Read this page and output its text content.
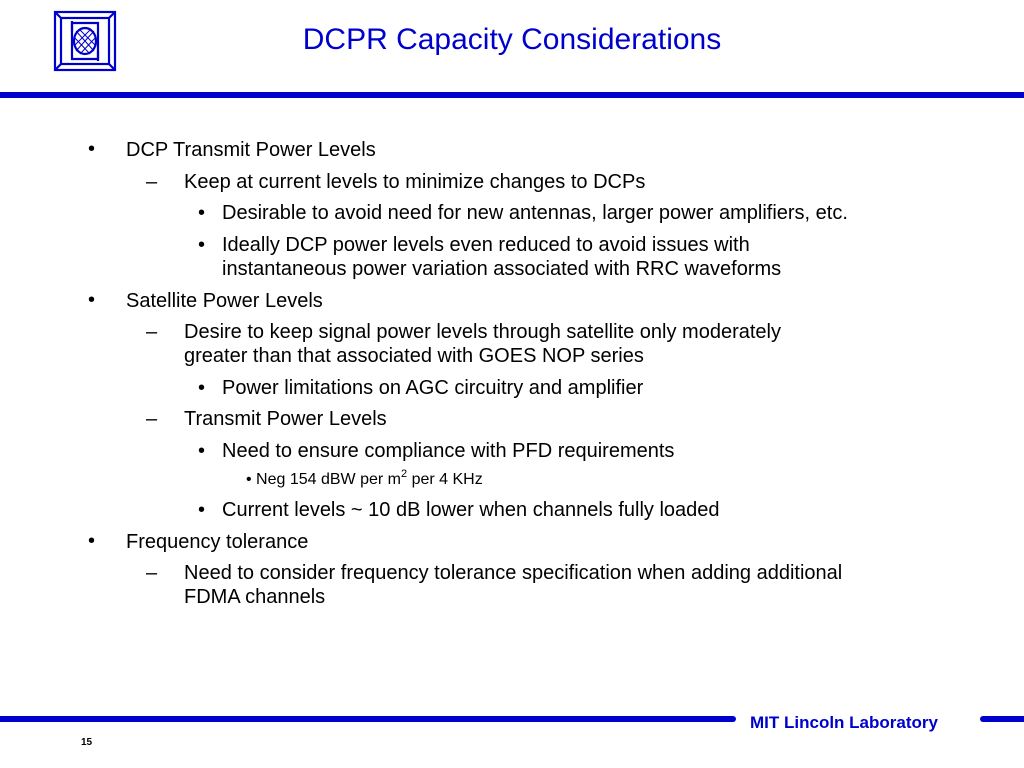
DCPR Capacity Considerations
• DCP Transmit Power Levels
– Keep at current levels to minimize changes to DCPs
• Desirable to avoid need for new antennas, larger power amplifiers, etc.
• Ideally DCP power levels even reduced to avoid issues with
instantaneous power variation associated with RRC waveforms
• Satellite Power Levels
– Desire to keep signal power levels through satellite only moderately
greater than that associated with GOES NOP series
• Power limitations on AGC circuitry and amplifier
– Transmit Power Levels
• Need to ensure compliance with PFD requirements
• Neg 154 dBW per $m^2$ per 4 KHz
• Current levels ~ 10 dB lower when channels fully loaded
• Frequency tolerance
– Need to consider frequency tolerance specification when adding additional
FDMA channels
MIT Lincoln Laboratory
15
